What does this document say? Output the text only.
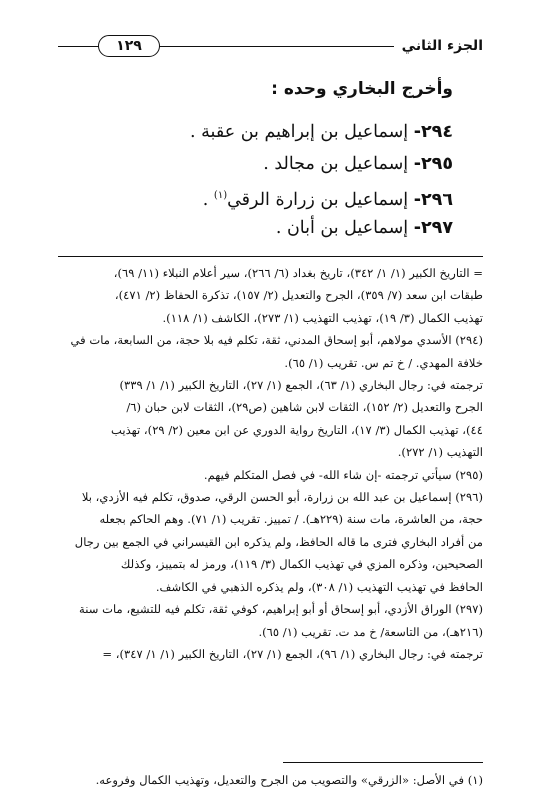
الجزء الثاني
١٢٩
وأخرج البخاري وحده :
٢٩٤- إسماعيل بن إبراهيم بن عقبة .
٢٩٥- إسماعيل بن مجالد .
٢٩٦- إسماعيل بن زرارة الرقي$^{(١)}$ .
٢٩٧- إسماعيل بن أبان .

= التاريخ الكبير (١/ ١/ ٣٤٢)، تاريخ بغداد (٦/ ٢٦٦)، سير أعلام النبلاء (١١/ ٦٩)،

طبقات ابن سعد (٧/ ٣٥٩)، الجرح والتعديل (٢/ ١٥٧)، تذكرة الحفاظ (٢/ ٤٧١)،

تهذيب الكمال (٣/ ١٩)، تهذيب التهذيب (١/ ٢٧٣)، الكاشف (١/ ١١٨).

(٢٩٤) الأسدي مولاهم، أبو إسحاق المدني، ثقة، تكلم فيه بلا حجة، من السابعة، مات في

خلافة المهدي. / خ تم س. تقريب (١/ ٦٥).

ترجمته في: رجال البخاري (١/ ٦٣)، الجمع (١/ ٢٧)، التاريخ الكبير (١/ ١/ ٣٣٩)

الجرح والتعديل (٢/ ١٥٢)، الثقات لابن شاهين (ص٢٩)، الثقات لابن حبان (٦/

٤٤)، تهذيب الكمال (٣/ ١٧)، التاريخ رواية الدوري عن ابن معين (٢/ ٢٩)، تهذيب

التهذيب (١/ ٢٧٢).

(٢٩٥) سيأتي ترجمته -إن شاء الله- في فصل المتكلم فيهم.

(٢٩٦) إسماعيل بن عبد الله بن زرارة، أبو الحسن الرقي، صدوق، تكلم فيه الأزدي، بلا

حجة، من العاشرة، مات سنة (٢٢٩هـ). / تمييز. تقريب (١/ ٧١). وهم الحاكم بجعله

من أفراد البخاري فترى ما قاله الحافظ، ولم يذكره ابن القيسراني في الجمع بين رجال

الصحيحين، وذكره المزي في تهذيب الكمال (٣/ ١١٩)، ورمز له بتمييز، وكذلك

الحافظ في تهذيب التهذيب (١/ ٣٠٨)، ولم يذكره الذهبي في الكاشف.

(٢٩٧) الوراق الأزدي، أبو إسحاق أو أبو إبراهيم، كوفي ثقة، تكلم فيه للتشيع، مات سنة

(٢١٦هـ)، من التاسعة/ خ مد ت. تقريب (١/ ٦٥).

ترجمته في: رجال البخاري (١/ ٩٦)، الجمع (١/ ٢٧)، التاريخ الكبير (١/ ١/ ٣٤٧)، =

(١) في الأصل: «الزرقي» والتصويب من الجرح والتعديل، وتهذيب الكمال وفروعه.
